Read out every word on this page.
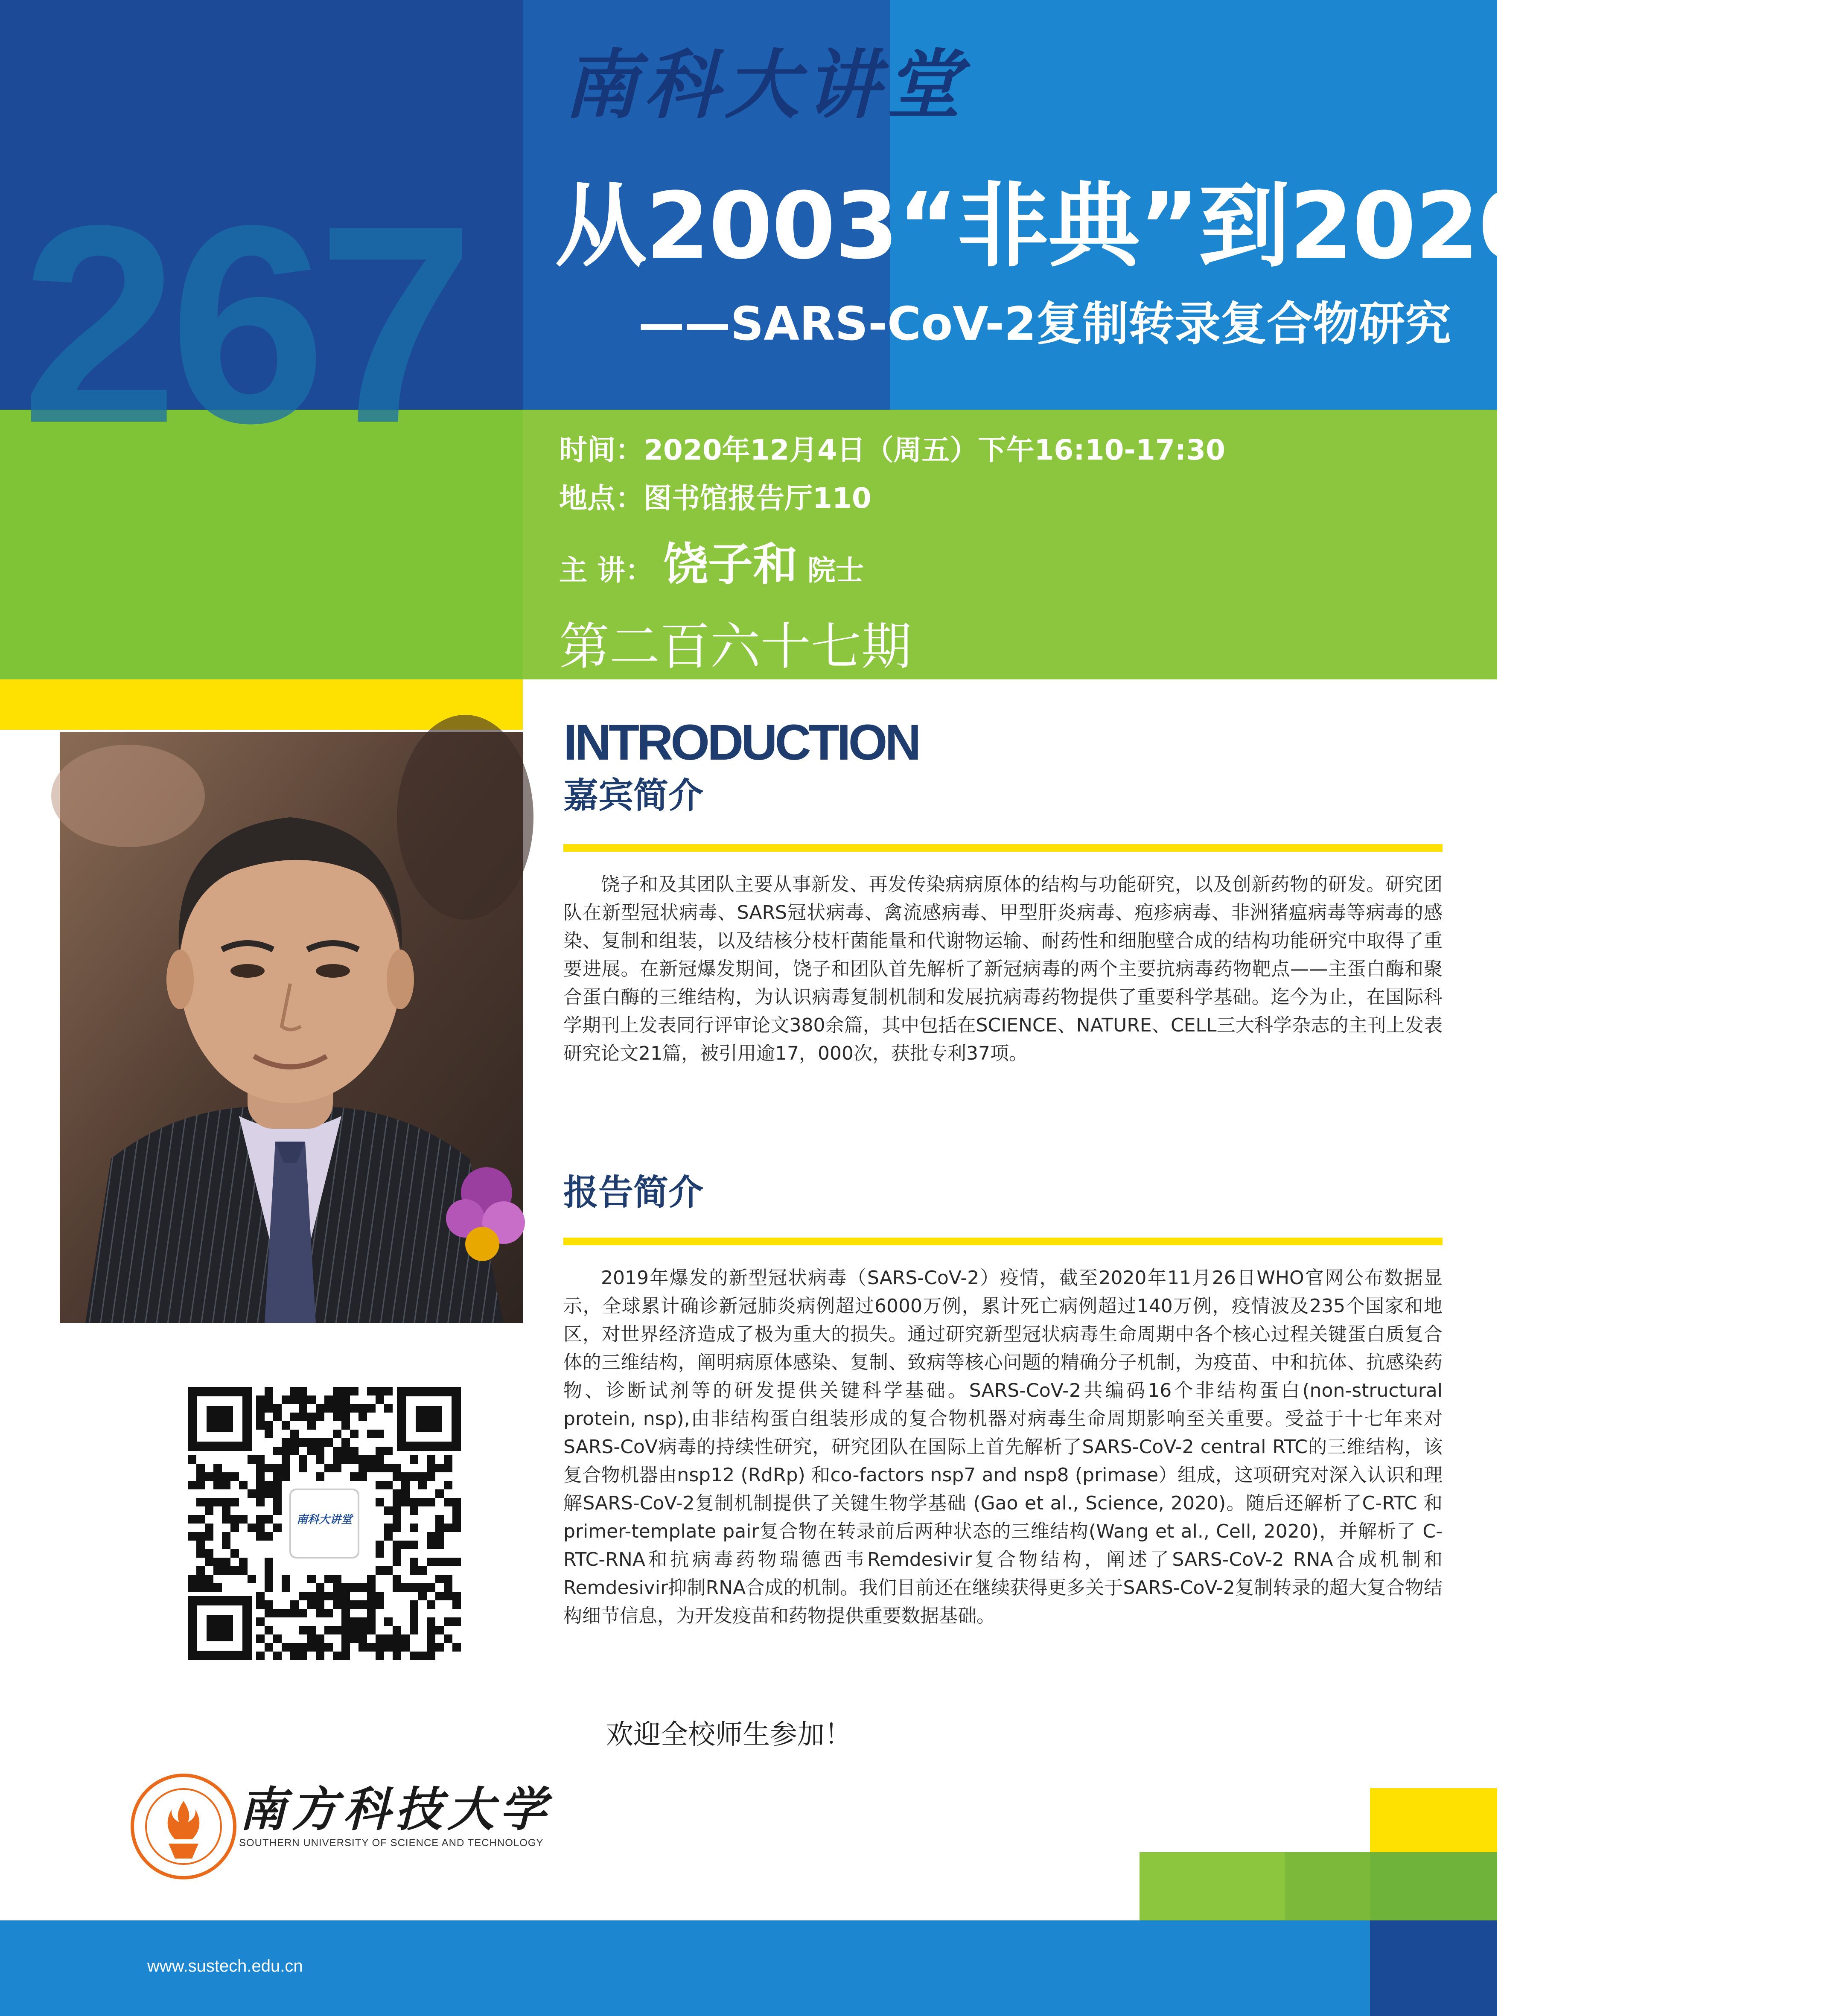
267
南科大讲堂
从2003“非典”到2020“新冠”
——SARS-CoV-2复制转录复合物研究
时间：2020年12月4日（周五）下午16:10-17:30
地点：图书馆报告厅110
主 讲： 饶子和 院士
第二百六十七期
INTRODUCTION
嘉宾简介
饶子和及其团队主要从事新发、再发传染病病原体的结构与功能研究，以及创新药物的研发。研究团队在新型冠状病毒、SARS冠状病毒、禽流感病毒、甲型肝炎病毒、疱疹病毒、非洲猪瘟病毒等病毒的感染、复制和组装，以及结核分枝杆菌能量和代谢物运输、耐药性和细胞壁合成的结构功能研究中取得了重要进展。在新冠爆发期间，饶子和团队首先解析了新冠病毒的两个主要抗病毒药物靶点——主蛋白酶和聚合蛋白酶的三维结构，为认识病毒复制机制和发展抗病毒药物提供了重要科学基础。迄今为止，在国际科学期刊上发表同行评审论文380余篇，其中包括在SCIENCE、NATURE、CELL三大科学杂志的主刊上发表研究论文21篇，被引用逾17，000次，获批专利37项。
报告简介
2019年爆发的新型冠状病毒（SARS-CoV-2）疫情，截至2020年11月26日WHO官网公布数据显示，全球累计确诊新冠肺炎病例超过6000万例，累计死亡病例超过140万例，疫情波及235个国家和地区，对世界经济造成了极为重大的损失。通过研究新型冠状病毒生命周期中各个核心过程关键蛋白质复合体的三维结构，阐明病原体感染、复制、致病等核心问题的精确分子机制，为疫苗、中和抗体、抗感染药物、诊断试剂等的研发提供关键科学基础。SARS-CoV-2共编码16个非结构蛋白(non-structural protein, nsp),由非结构蛋白组装形成的复合物机器对病毒生命周期影响至关重要。受益于十七年来对SARS-CoV病毒的持续性研究，研究团队在国际上首先解析了SARS-CoV-2 central RTC的三维结构，该复合物机器由nsp12 (RdRp) 和co-factors nsp7 and nsp8 (primase）组成，这项研究对深入认识和理解SARS-CoV-2复制机制提供了关键生物学基础 (Gao et al., Science, 2020)。随后还解析了C-RTC 和 primer-template pair复合物在转录前后两种状态的三维结构(Wang et al., Cell, 2020)，并解析了 C-RTC-RNA和抗病毒药物瑞德西韦Remdesivir复合物结构，阐述了SARS-CoV-2 RNA合成机制和Remdesivir抑制RNA合成的机制。我们目前还在继续获得更多关于SARS-CoV-2复制转录的超大复合物结构细节信息，为开发疫苗和药物提供重要数据基础。
欢迎全校师生参加！
南科大讲堂
南方科技大学
SOUTHERN UNIVERSITY OF SCIENCE AND TECHNOLOGY
www.sustech.edu.cn
